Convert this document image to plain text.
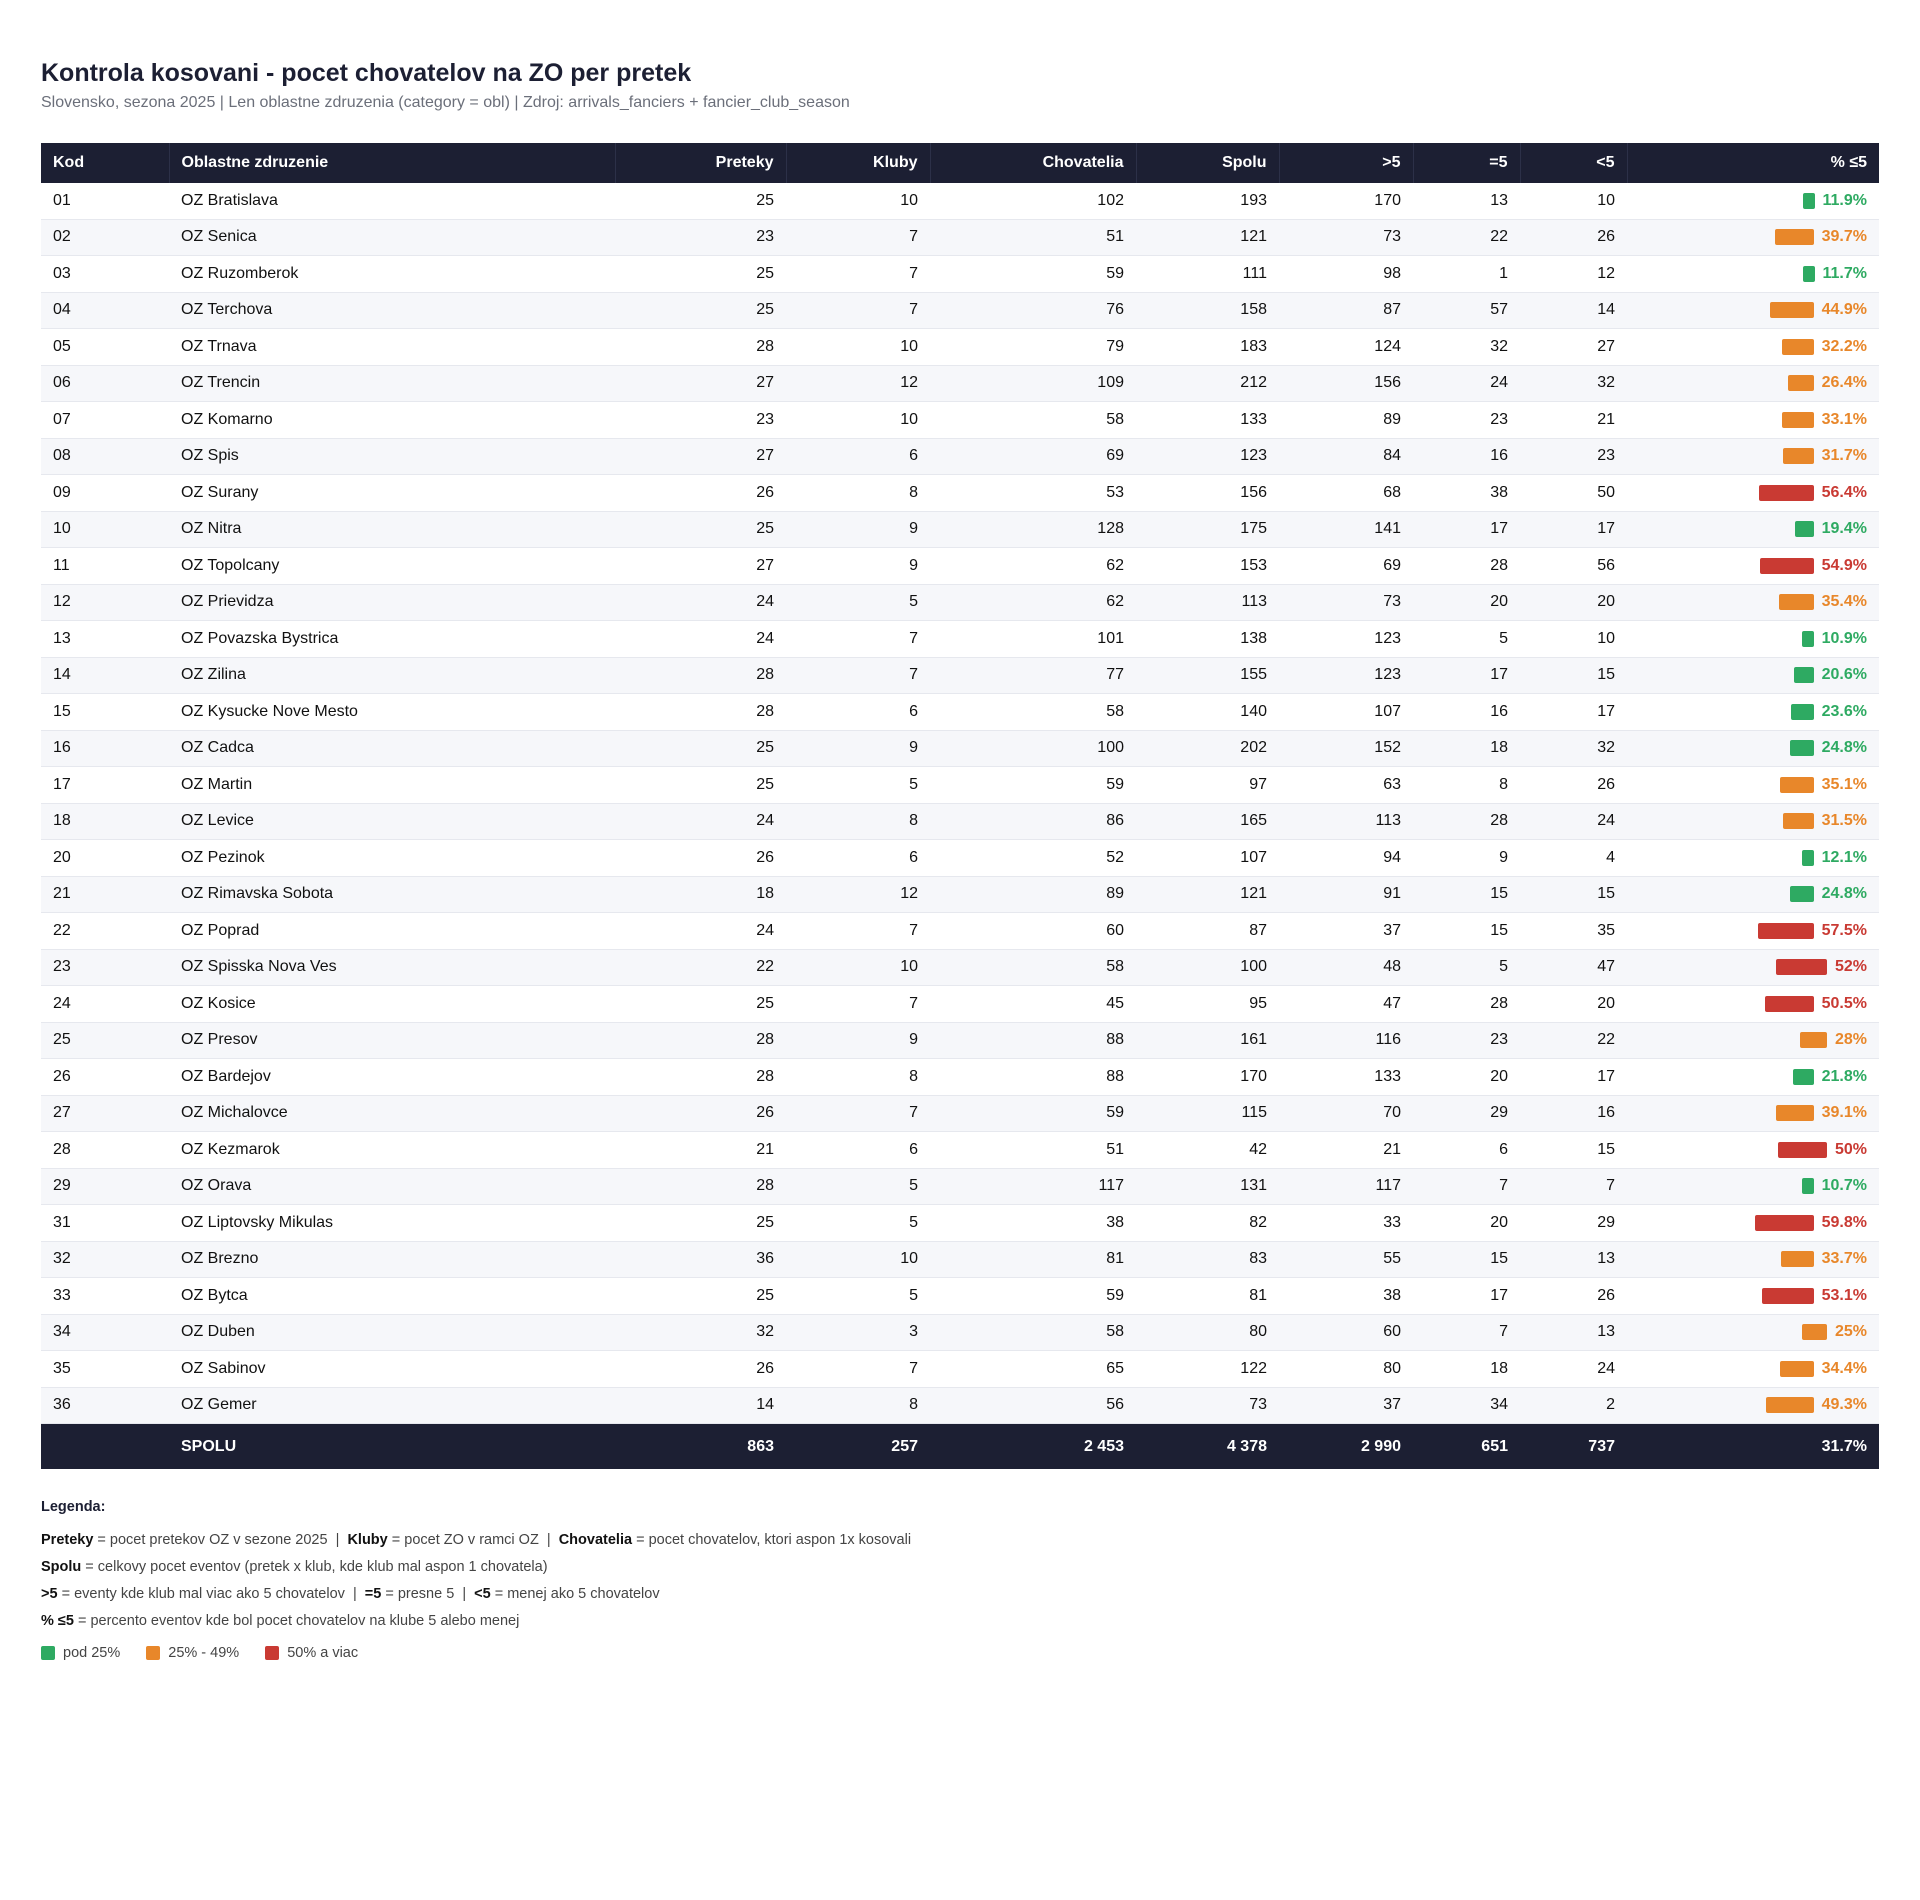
Kontrola kosovani - pocet chovatelov na ZO per pretek
Slovensko, sezona 2025 | Len oblastne zdruzenia (category = obl) | Zdroj: arrivals_fanciers + fancier_club_season
Kod	Oblastne zdruzenie	Preteky	Kluby	Chovatelia	Spolu	>5	=5	<5	% ≤5
01	OZ Bratislava	25	10	102	193	170	13	10	11.9%
02	OZ Senica	23	7	51	121	73	22	26	39.7%
03	OZ Ruzomberok	25	7	59	111	98	1	12	11.7%
04	OZ Terchova	25	7	76	158	87	57	14	44.9%
05	OZ Trnava	28	10	79	183	124	32	27	32.2%
06	OZ Trencin	27	12	109	212	156	24	32	26.4%
07	OZ Komarno	23	10	58	133	89	23	21	33.1%
08	OZ Spis	27	6	69	123	84	16	23	31.7%
09	OZ Surany	26	8	53	156	68	38	50	56.4%
10	OZ Nitra	25	9	128	175	141	17	17	19.4%
11	OZ Topolcany	27	9	62	153	69	28	56	54.9%
12	OZ Prievidza	24	5	62	113	73	20	20	35.4%
13	OZ Povazska Bystrica	24	7	101	138	123	5	10	10.9%
14	OZ Zilina	28	7	77	155	123	17	15	20.6%
15	OZ Kysucke Nove Mesto	28	6	58	140	107	16	17	23.6%
16	OZ Cadca	25	9	100	202	152	18	32	24.8%
17	OZ Martin	25	5	59	97	63	8	26	35.1%
18	OZ Levice	24	8	86	165	113	28	24	31.5%
20	OZ Pezinok	26	6	52	107	94	9	4	12.1%
21	OZ Rimavska Sobota	18	12	89	121	91	15	15	24.8%
22	OZ Poprad	24	7	60	87	37	15	35	57.5%
23	OZ Spisska Nova Ves	22	10	58	100	48	5	47	52%
24	OZ Kosice	25	7	45	95	47	28	20	50.5%
25	OZ Presov	28	9	88	161	116	23	22	28%
26	OZ Bardejov	28	8	88	170	133	20	17	21.8%
27	OZ Michalovce	26	7	59	115	70	29	16	39.1%
28	OZ Kezmarok	21	6	51	42	21	6	15	50%
29	OZ Orava	28	5	117	131	117	7	7	10.7%
31	OZ Liptovsky Mikulas	25	5	38	82	33	20	29	59.8%
32	OZ Brezno	36	10	81	83	55	15	13	33.7%
33	OZ Bytca	25	5	59	81	38	17	26	53.1%
34	OZ Duben	32	3	58	80	60	7	13	25%
35	OZ Sabinov	26	7	65	122	80	18	24	34.4%
36	OZ Gemer	14	8	56	73	37	34	2	49.3%
	SPOLU	863	257	2 453	4 378	2 990	651	737	31.7%
Legenda:
Preteky = pocet pretekov OZ v sezone 2025  |  Kluby = pocet ZO v ramci OZ  |  Chovatelia = pocet chovatelov, ktori aspon 1x kosovali
Spolu = celkovy pocet eventov (pretek x klub, kde klub mal aspon 1 chovatela)
>5 = eventy kde klub mal viac ako 5 chovatelov  |  =5 = presne 5  |  <5 = menej ako 5 chovatelov
% ≤5 = percento eventov kde bol pocet chovatelov na klube 5 alebo menej
pod 25%	25% - 49%	50% a viac
